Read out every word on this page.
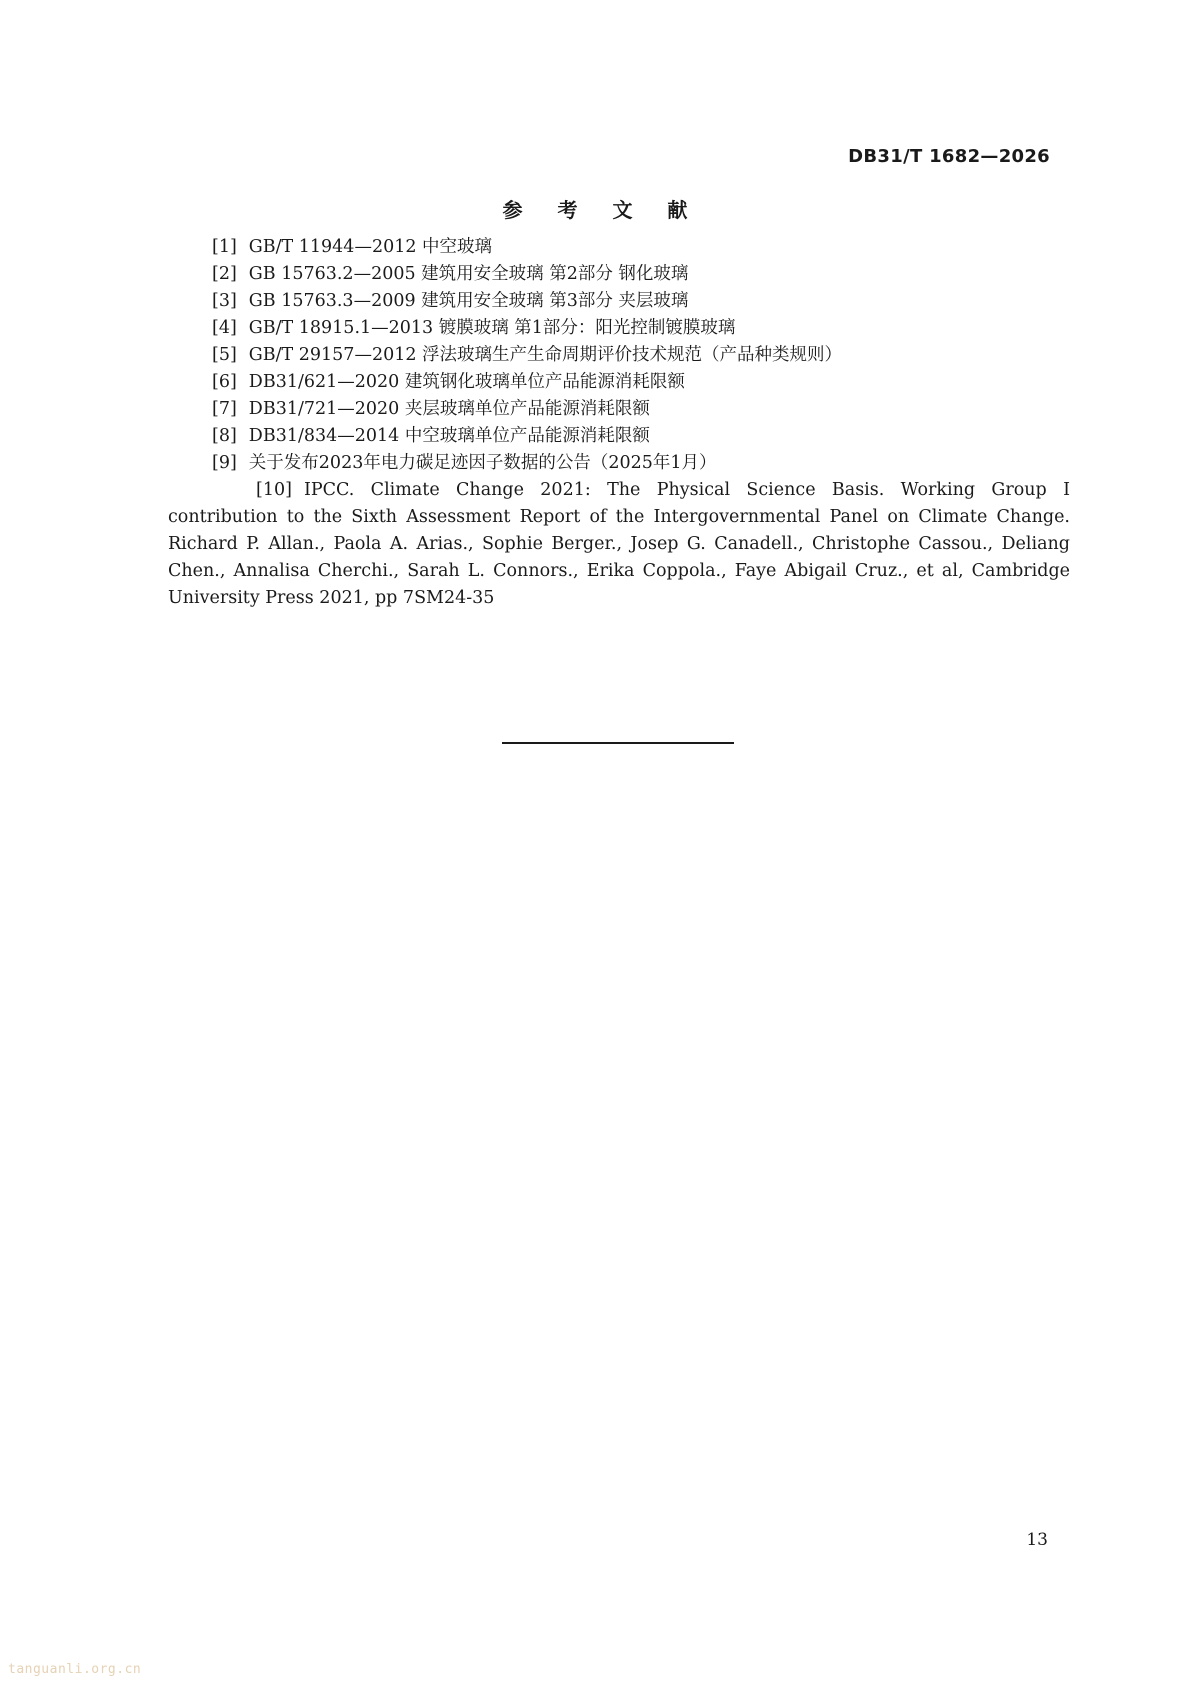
DB31/T 1682—2026
参 考 文 献
[1] GB/T 11944—2012 中空玻璃
[2] GB 15763.2—2005 建筑用安全玻璃 第2部分 钢化玻璃
[3] GB 15763.3—2009 建筑用安全玻璃 第3部分 夹层玻璃
[4] GB/T 18915.1—2013 镀膜玻璃 第1部分：阳光控制镀膜玻璃
[5] GB/T 29157—2012 浮法玻璃生产生命周期评价技术规范（产品种类规则）
[6] DB31/621—2020 建筑钢化玻璃单位产品能源消耗限额
[7] DB31/721—2020 夹层玻璃单位产品能源消耗限额
[8] DB31/834—2014 中空玻璃单位产品能源消耗限额
[9] 关于发布2023年电力碳足迹因子数据的公告（2025年1月）
[10] IPCC. Climate Change 2021: The Physical Science Basis. Working Group I contribution to the Sixth Assessment Report of the Intergovernmental Panel on Climate Change. Richard P. Allan., Paola A. Arias., Sophie Berger., Josep G. Canadell., Christophe Cassou., Deliang Chen., Annalisa Cherchi., Sarah L. Connors., Erika Coppola., Faye Abigail Cruz., et al, Cambridge University Press 2021, pp 7SM24-35
13
tanguanli.org.cn
